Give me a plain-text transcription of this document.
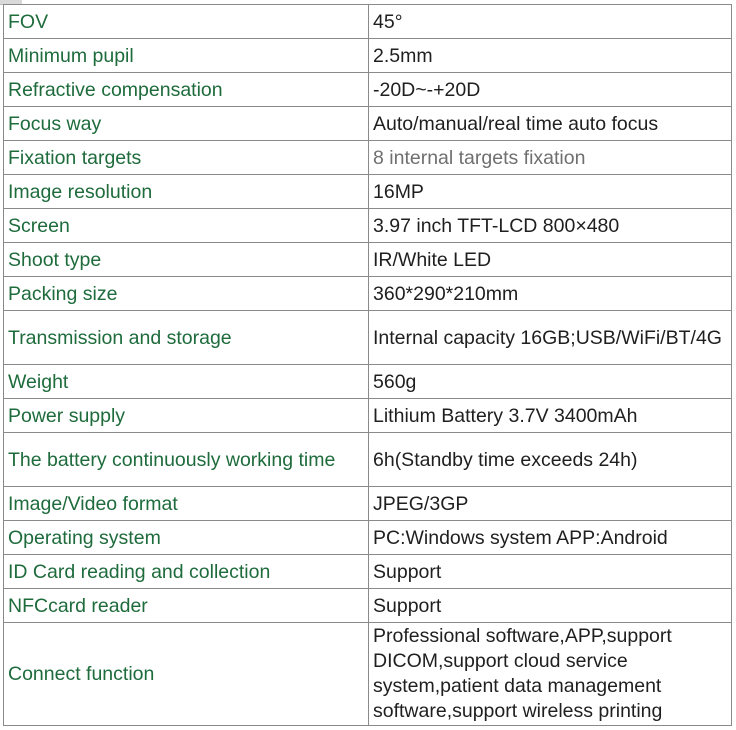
FOV	45°
Minimum pupil	2.5mm
Refractive compensation	-20D~-+20D
Focus way	Auto/manual/real time auto focus
Fixation targets	8 internal targets fixation
Image resolution	16MP
Screen	3.97 inch TFT-LCD 800×480
Shoot type	IR/White LED
Packing size	360*290*210mm
Transmission and storage	Internal capacity 16GB;USB/WiFi/BT/4G
Weight	560g
Power supply	Lithium Battery 3.7V 3400mAh
The battery continuously working time	6h(Standby time exceeds 24h)
Image/Video format	JPEG/3GP
Operating system	PC:Windows system APP:Android
ID Card reading and collection	Support
NFCcard reader	Support
Connect function	Professional software,APP,support DICOM,support cloud service system,patient data management software,support wireless printing
